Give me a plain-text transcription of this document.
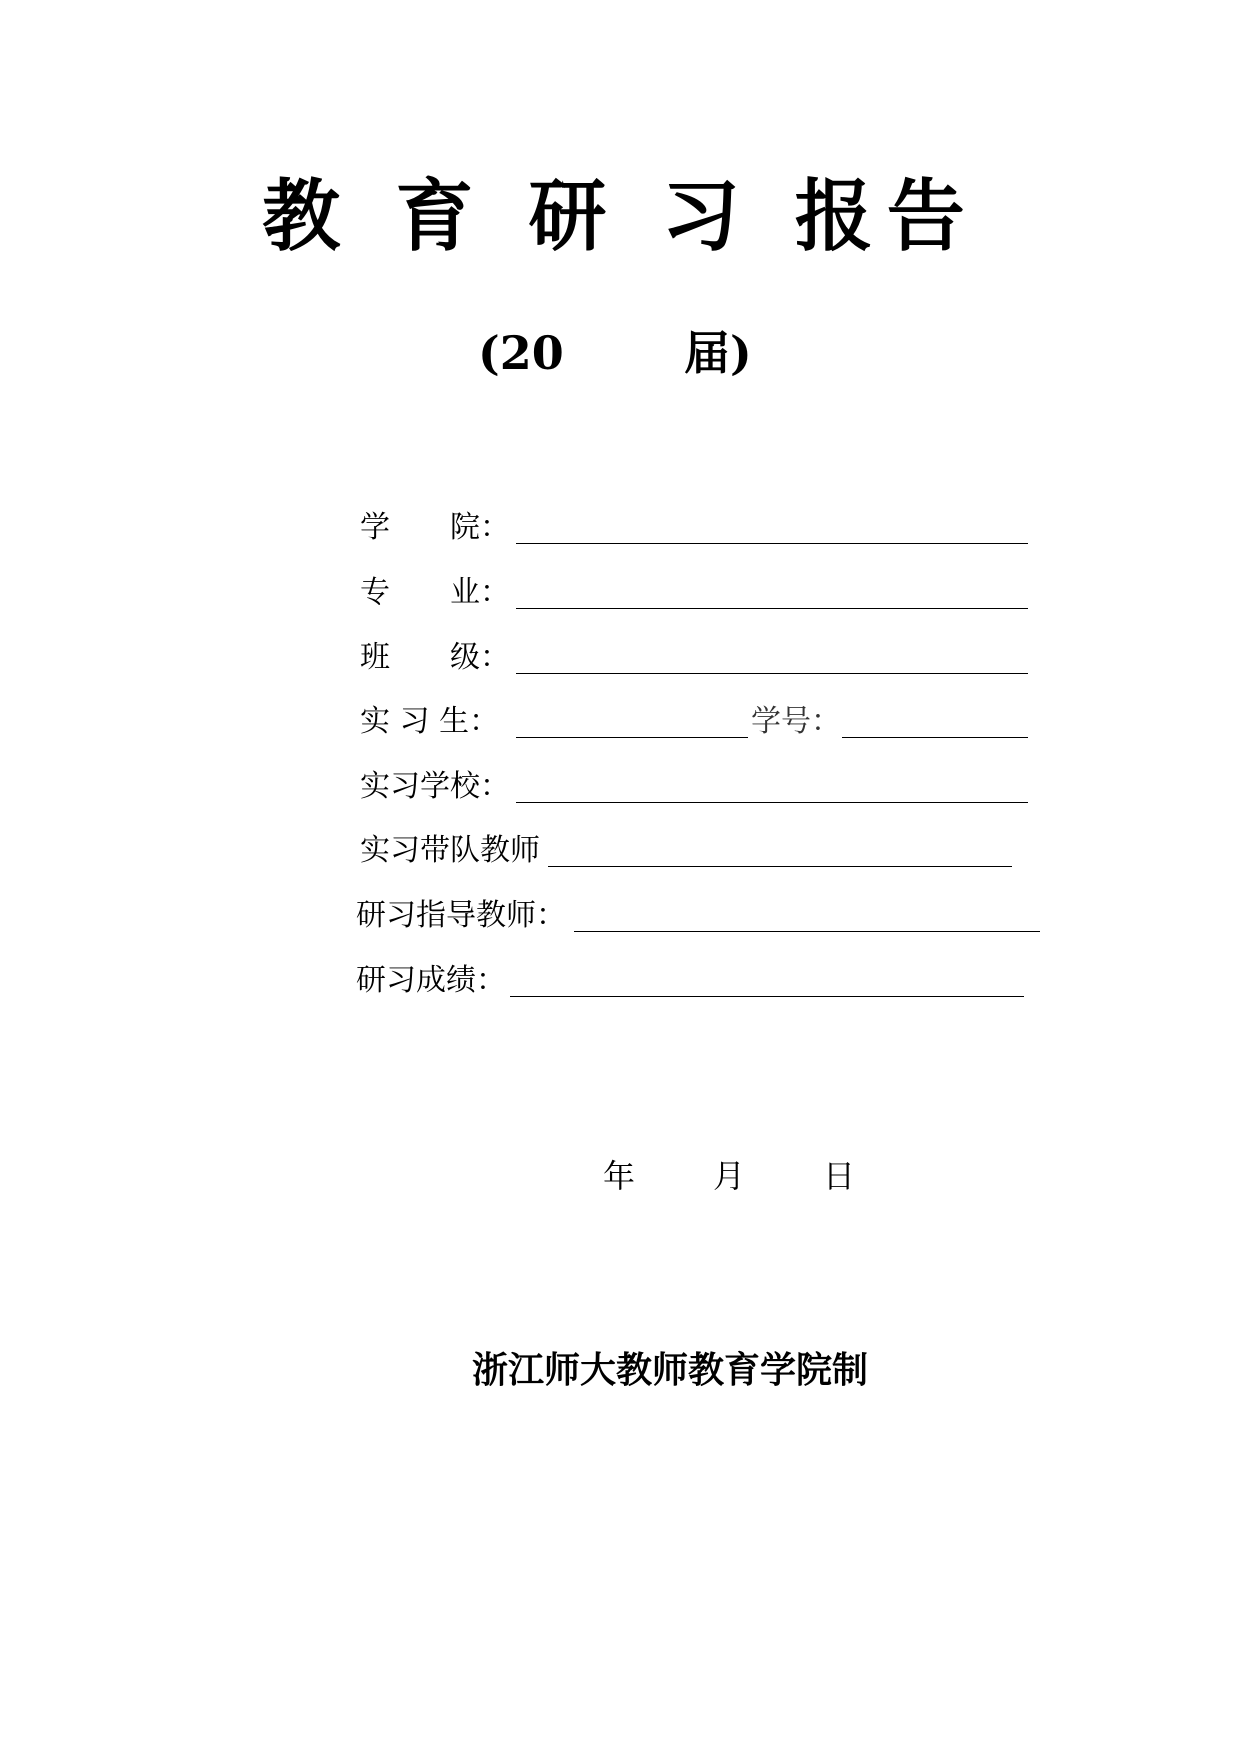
教 育 研 习 报告
(20	届)
学　　院：
专　　业：
班　　级：
实 习 生：	学号：
实习学校：
实习带队教师
研习指导教师：
研习成绩：
年 月 日
浙江师大教师教育学院制
